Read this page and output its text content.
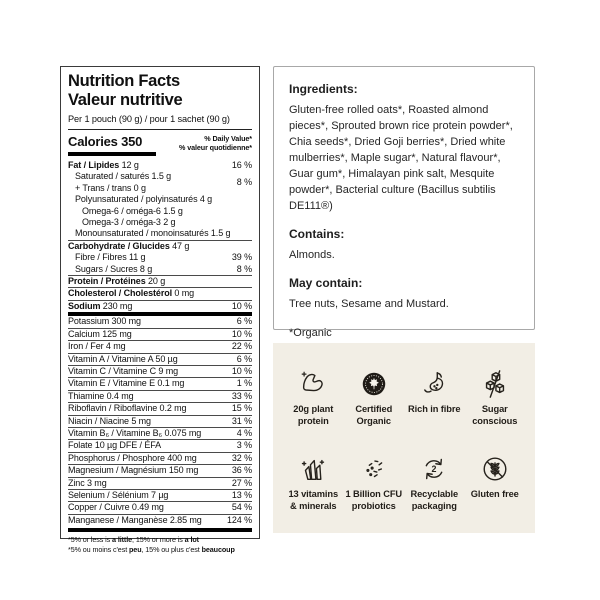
Nutrition Facts
Valeur nutritive
Per 1 pouch (90 g) / pour 1 sachet (90 g)
Calories 350	% Daily Value*
% valeur quotidienne*
Fat / Lipides 12 g	16 %
Saturated / saturés 1.5 g
+ Trans / trans 0 g
8 %
Polyunsaturated / polyinsaturés 4 g
Omega-6 / oméga-6 1.5 g
Omega-3 / oméga-3 2 g
Monounsaturated / monoinsaturés 1.5 g
Carbohydrate / Glucides 47 g
Fibre / Fibres 11 g	39 %
Sugars / Sucres 8 g	8 %
Protein / Protéines 20 g
Cholesterol / Cholestérol 0 mg
Sodium 230 mg	10 %
Potassium 300 mg	6 %
Calcium 125 mg	10 %
Iron / Fer 4 mg	22 %
Vitamin A / Vitamine A 50 µg	6 %
Vitamin C / Vitamine C 9 mg	10 %
Vitamin E / Vitamine E 0.1 mg	1 %
Thiamine 0.4 mg	33 %
Riboflavin / Riboflavine 0.2 mg	15 %
Niacin / Niacine 5 mg	31 %
Vitamin B₆ / Vitamine B₆ 0.075 mg	4 %
Folate 10 µg DFE / ÉFA	3 %
Phosphorus / Phosphore 400 mg	32 %
Magnesium / Magnésium 150 mg	36 %
Zinc 3 mg	27 %
Selenium / Sélénium 7 µg	13 %
Copper / Cuivre 0.49 mg	54 %
Manganese / Manganèse 2.85 mg	124 %
*5% or less is a little, 15% or more is a lot
*5% ou moins c'est peu, 15% ou plus c'est beaucoup
Ingredients:
Gluten-free rolled oats*, Roasted almond pieces*, Sprouted brown rice protein powder*, Chia seeds*, Dried Goji berries*, Dried white mulberries*, Maple sugar*, Natural flavour*, Guar gum*, Himalayan pink salt, Mesquite powder*, Bacterial culture (Bacillus subtilis DE111®)
Contains:
Almonds.
May contain:
Tree nuts, Sesame and Mustard.
*Organic
20g plant protein
Certified Organic
Rich in fibre	Sugar conscious
13 vitamins & minerals
1 Billion CFU probiotics
2
Recyclable packaging
Gluten free
